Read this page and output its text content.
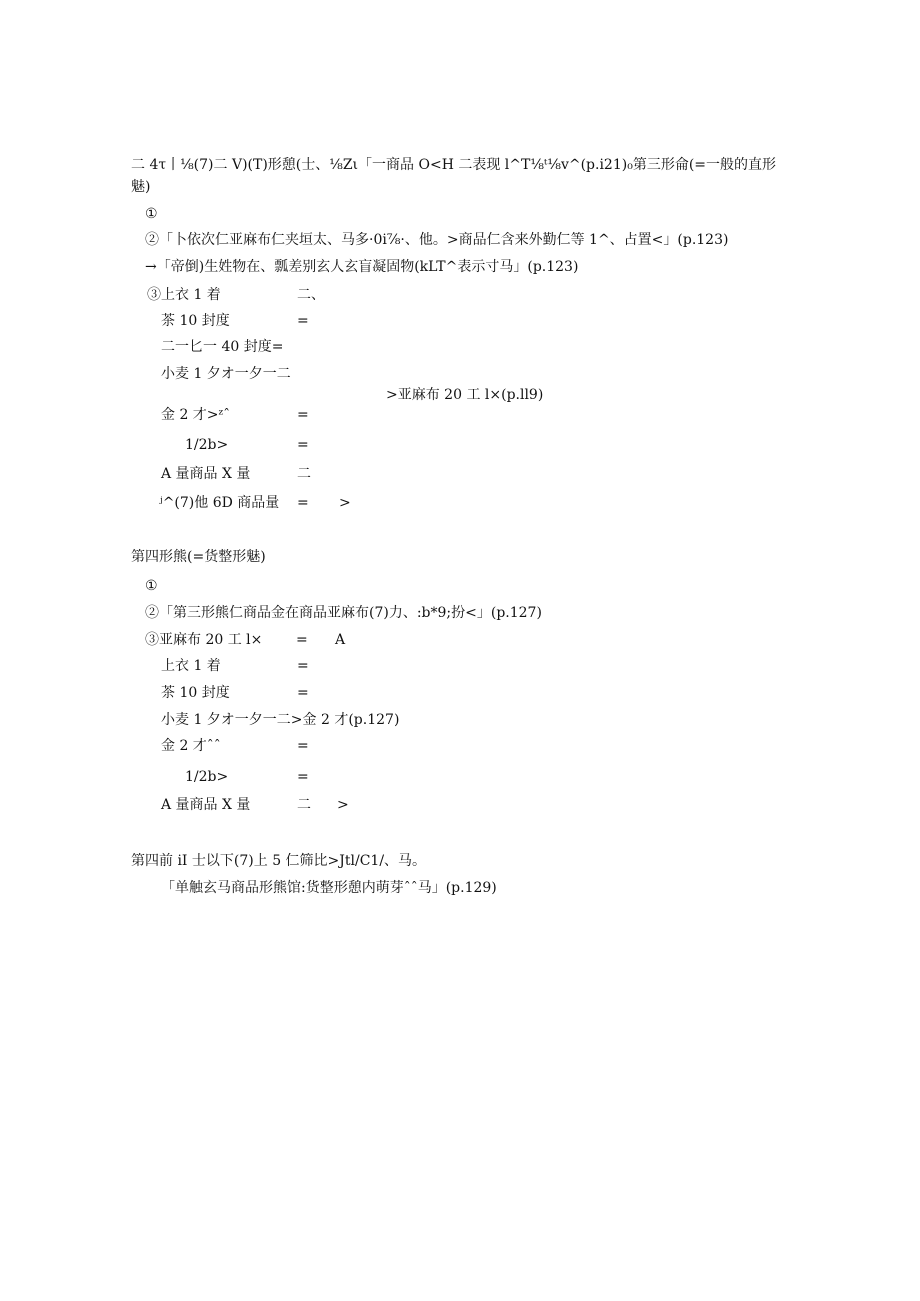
二 4τ丨⅛(7)二 V)(T)形憩(士、⅛Zι「一商品 O<H 二表现 l^T⅛ᵗ⅛v^(p.i21)₀第三形侖(=一般的直形
魅)
①
②「卜依次仁亚麻布仁夹垣太、马多·0i⅞·、他。>商品仁含来外勤仁等 1^、占置<」(p.123)
→「帝倒)生姓物在、瓢差别玄人玄盲凝固物(kLT^表示寸马」(p.123)
③上衣 1 着	二、
茶 10 封度	=
二一匕一 40 封度=
小麦 1 夕オ一夕一二
>亚麻布 20 工 l×(p.ll9)
金 2 才>ᶻˆ	=
1/2b>	=
A 量商品 X 量	二
ʲ^(7)他 6D 商品量 = >
第四形熊(=货整形魅)
①
②「第三形熊仁商品金在商品亚麻布(7)力、:b*9;扮<」(p.127)
③亚麻布 20 工 l× = A
上衣 1 着	=
茶 10 封度	=
小麦 1 夕オ一夕一二>金 2 才(p.127)
金 2 才ˆˆ	=
1/2b>	=
A 量商品 X 量	二 >
第四前 iI 士以下(7)上 5 仁筛比>Jtl/C1/、马。
「单触玄马商品形熊馆:货整形憩内萌芽ˆˆ马」(p.129)
